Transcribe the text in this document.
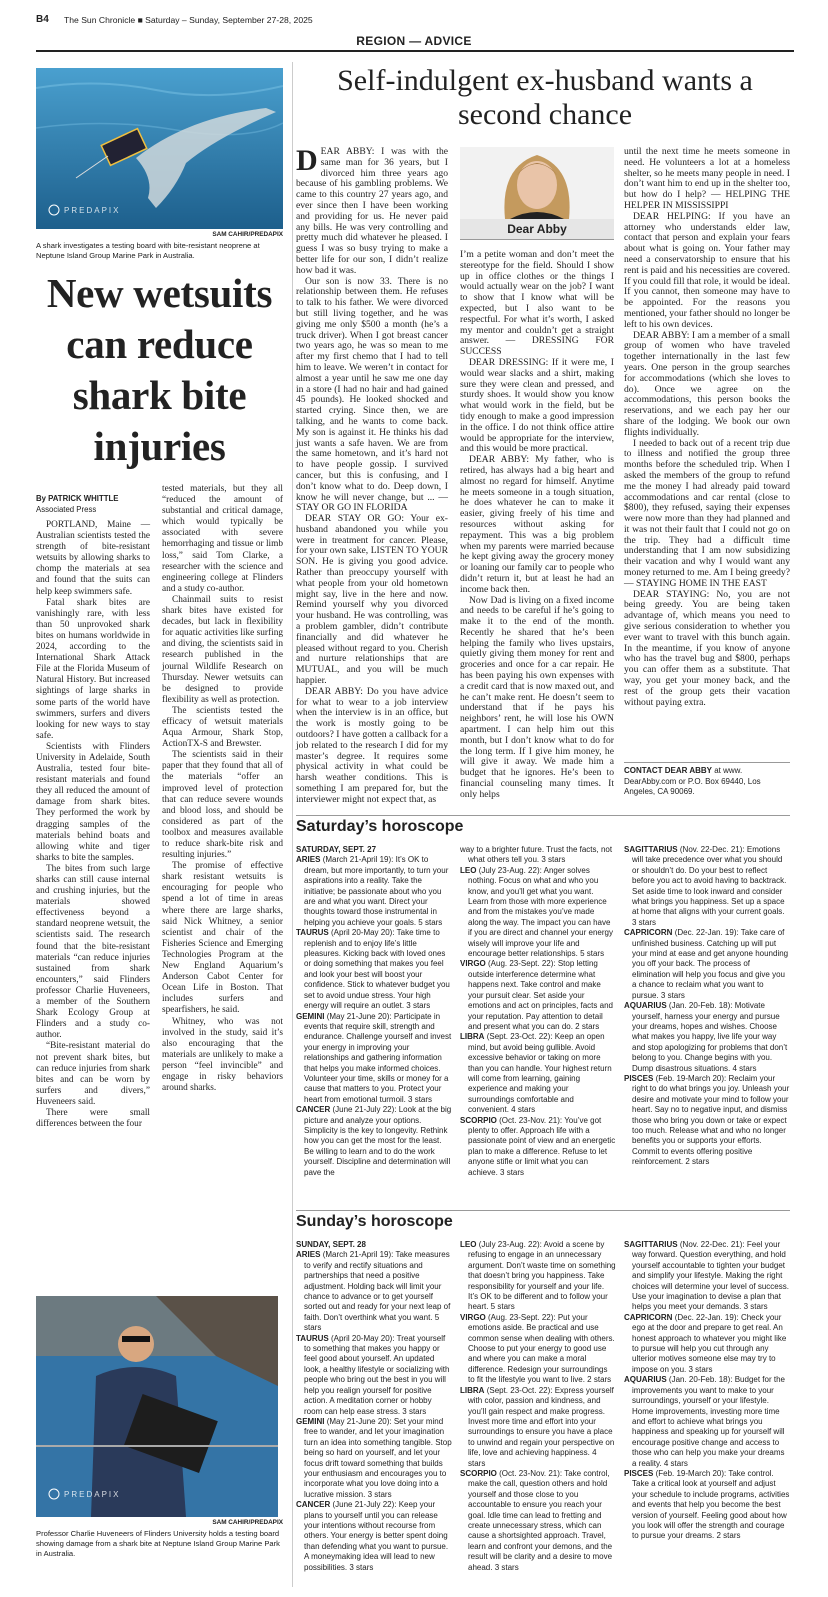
B4 The Sun Chronicle ■ Saturday – Sunday, September 27-28, 2025
REGION — ADVICE
PREDAPIX
SAM CAHIR/PREDAPIX
A shark investigates a testing board with bite-resistant neoprene at Neptune Island Group Marine Park in Australia.
New wetsuits can reduce shark bite injuries
By PATRICK WHITTLE
Associated Press

PORTLAND, Maine — Australian scientists tested the strength of bite-resistant wetsuits by allowing sharks to chomp the materials at sea and found that the suits can help keep swimmers safe.

Fatal shark bites are vanishingly rare, with less than 50 unprovoked shark bites on humans worldwide in 2024, according to the International Shark Attack File at the Florida Museum of Natural History. But increased sightings of large sharks in some parts of the world have swimmers, surfers and divers looking for new ways to stay safe.

Scientists with Flinders University in Adelaide, South Australia, tested four bite-resistant materials and found they all reduced the amount of damage from shark bites. They performed the work by dragging samples of the materials behind boats and allowing white and tiger sharks to bite the samples.

The bites from such large sharks can still cause internal and crushing injuries, but the materials showed effectiveness beyond a standard neoprene wetsuit, the scientists said. The research found that the bite-resistant materials “can reduce injuries sustained from shark encounters,” said Flinders professor Charlie Huveneers, a member of the Southern Shark Ecology Group at Flinders and a study co-author.

“Bite-resistant material do not prevent shark bites, but can reduce injuries from shark bites and can be worn by surfers and divers,” Huveneers said.

There were small differences between the four

tested materials, but they all “reduced the amount of substantial and critical damage, which would typically be associated with severe hemorrhaging and tissue or limb loss,” said Tom Clarke, a researcher with the science and engineering college at Flinders and a study co-author.

Chainmail suits to resist shark bites have existed for decades, but lack in flexibility for aquatic activities like surfing and diving, the scientists said in research published in the journal Wildlife Research on Thursday. Newer wetsuits can be designed to provide flexibility as well as protection.

The scientists tested the efficacy of wetsuit materials Aqua Armour, Shark Stop, ActionTX-S and Brewster.

The scientists said in their paper that they found that all of the materials “offer an improved level of protection that can reduce severe wounds and blood loss, and should be considered as part of the toolbox and measures available to reduce shark-bite risk and resulting injuries.”

The promise of effective shark resistant wetsuits is encouraging for people who spend a lot of time in areas where there are large sharks, said Nick Whitney, a senior scientist and chair of the Fisheries Science and Emerging Technologies Program at the New England Aquarium’s Anderson Cabot Center for Ocean Life in Boston. That includes surfers and spearfishers, he said.

Whitney, who was not involved in the study, said it’s also encouraging that the materials are unlikely to make a person “feel invincible” and engage in risky behaviors around sharks.

PREDAPIX
SAM CAHIR/PREDAPIX
Professor Charlie Huveneers of Flinders University holds a testing board showing damage from a shark bite at Neptune Island Group Marine Park in Australia.
Self-indulgent ex-husband wants a second chance

DEAR ABBY: I was with the same man for 36 years, but I divorced him three years ago because of his gambling problems. We came to this country 27 years ago, and ever since then I have been working and providing for us. He never paid any bills. He was very controlling and pretty much did whatever he pleased. I guess I was so busy trying to make a better life for our son, I didn’t realize how bad it was.

Our son is now 33. There is no relationship between them. He refuses to talk to his father. We were divorced but still living together, and he was giving me only $500 a month (he’s a truck driver). When I got breast cancer two years ago, he was so mean to me after my first chemo that I had to tell him to leave. We weren’t in contact for almost a year until he saw me one day in a store (I had no hair and had gained 45 pounds). He looked shocked and started crying. Since then, we are talking, and he wants to come back. My son is against it. He thinks his dad just wants a safe haven. We are from the same hometown, and it’s hard not to have people gossip. I survived cancer, but this is confusing, and I don’t know what to do. Deep down, I know he will never change, but ... — STAY OR GO IN FLORIDA

DEAR STAY OR GO: Your ex-husband abandoned you while you were in treatment for cancer. Please, for your own sake, LISTEN TO YOUR SON. He is giving you good advice. Rather than preoccupy yourself with what people from your old hometown might say, live in the here and now. Remind yourself why you divorced your husband. He was controlling, was a problem gambler, didn’t contribute financially and did whatever he pleased without regard to you. Cherish and nurture relationships that are MUTUAL, and you will be much happier.

DEAR ABBY: Do you have advice for what to wear to a job interview when the interview is in an office, but the work is mostly going to be outdoors? I have gotten a callback for a job related to the research I did for my master’s degree. It requires some physical activity in what could be harsh weather conditions. This is something I am prepared for, but the interviewer might not expect that, as

Dear Abby

I’m a petite woman and don’t meet the stereotype for the field. Should I show up in office clothes or the things I would actually wear on the job? I want to show that I know what will be expected, but I also want to be respectful. For what it’s worth, I asked my mentor and couldn’t get a straight answer. — DRESSING FOR SUCCESS

DEAR DRESSING: If it were me, I would wear slacks and a shirt, making sure they were clean and pressed, and sturdy shoes. It would show you know what would work in the field, but be tidy enough to make a good impression in the office. I do not think office attire would be appropriate for the interview, and this would be more practical.

DEAR ABBY: My father, who is retired, has always had a big heart and almost no regard for himself. Anytime he meets someone in a tough situation, he does whatever he can to make it easier, giving freely of his time and resources without asking for repayment. This was a big problem when my parents were married because he kept giving away the grocery money or loaning our family car to people who didn’t return it, but at least he had an income back then.

Now Dad is living on a fixed income and needs to be careful if he’s going to make it to the end of the month. Recently he shared that he’s been helping the family who lives upstairs, quietly giving them money for rent and groceries and once for a car repair. He has been paying his own expenses with a credit card that is now maxed out, and he can’t make rent. He doesn’t seem to understand that if he pays his neighbors’ rent, he will lose his OWN apartment. I can help him out this month, but I don’t know what to do for the long term. If I give him money, he will give it away. We made him a budget that he ignores. He’s been to financial counseling many times. It only helps

until the next time he meets someone in need. He volunteers a lot at a homeless shelter, so he meets many people in need. I don’t want him to end up in the shelter too, but how do I help? — HELPING THE HELPER IN MISSISSIPPI

DEAR HELPING: If you have an attorney who understands elder law, contact that person and explain your fears about what is going on. Your father may need a conservatorship to ensure that his rent is paid and his necessities are covered. If you could fill that role, it would be ideal. If you cannot, then someone may have to be appointed. For the reasons you mentioned, your father should no longer be left to his own devices.

DEAR ABBY: I am a member of a small group of women who have traveled together internationally in the last few years. One person in the group searches for accommodations (which she loves to do). Once we agree on the accommodations, this person books the reservations, and we each pay her our share of the lodging. We book our own flights individually.

I needed to back out of a recent trip due to illness and notified the group three months before the scheduled trip. When I asked the members of the group to refund me the money I had already paid toward accommodations and car rental (close to $800), they refused, saying their expenses were now more than they had planned and it was not their fault that I could not go on the trip. They had a difficult time understanding that I am now subsidizing their vacation and why I would want any money returned to me. Am I being greedy? — STAYING HOME IN THE EAST

DEAR STAYING: No, you are not being greedy. You are being taken advantage of, which means you need to give serious consideration to whether you ever want to travel with this bunch again. In the meantime, if you know of anyone who has the travel bug and $800, perhaps you can offer them as a substitute. That way, you get your money back, and the rest of the group gets their vacation without paying extra.

CONTACT DEAR ABBY at www. DearAbby.com or P.O. Box 69440, Los Angeles, CA 90069.
Saturday’s horoscope
SATURDAY, SEPT. 27

ARIES (March 21-April 19): It’s OK to dream, but more importantly, to turn your aspirations into a reality. Take the initiative; be passionate about who you are and what you want. Direct your thoughts toward those instrumental in helping you achieve your goals. 5 stars

TAURUS (April 20-May 20): Take time to replenish and to enjoy life’s little pleasures. Kicking back with loved ones or doing something that makes you feel and look your best will boost your confidence. Stick to whatever budget you set to avoid undue stress. Your high energy will require an outlet. 3 stars

GEMINI (May 21-June 20): Participate in events that require skill, strength and endurance. Challenge yourself and invest your energy in improving your relationships and gathering information that helps you make informed choices. Volunteer your time, skills or money for a cause that matters to you. Protect your heart from emotional turmoil. 3 stars

CANCER (June 21-July 22): Look at the big picture and analyze your options. Simplicity is the key to longevity. Rethink how you can get the most for the least. Be willing to learn and to do the work yourself. Discipline and determination will pave the

way to a brighter future. Trust the facts, not what others tell you. 3 stars

LEO (July 23-Aug. 22): Anger solves nothing. Focus on what and who you know, and you’ll get what you want. Learn from those with more experience and from the mistakes you’ve made along the way. The impact you can have if you are direct and channel your energy wisely will improve your life and encourage better relationships. 5 stars

VIRGO (Aug. 23-Sept. 22): Stop letting outside interference determine what happens next. Take control and make your pursuit clear. Set aside your emotions and act on principles, facts and your reputation. Pay attention to detail and present what you can do. 2 stars

LIBRA (Sept. 23-Oct. 22): Keep an open mind, but avoid being gullible. Avoid excessive behavior or taking on more than you can handle. Your highest return will come from learning, gaining experience and making your surroundings comfortable and convenient. 4 stars

SCORPIO (Oct. 23-Nov. 21): You’ve got plenty to offer. Approach life with a passionate point of view and an energetic plan to make a difference. Refuse to let anyone stifle or limit what you can achieve. 3 stars

SAGITTARIUS (Nov. 22-Dec. 21): Emotions will take precedence over what you should or shouldn’t do. Do your best to reflect before you act to avoid having to backtrack. Set aside time to look inward and consider what brings you happiness. Set up a space at home that aligns with your current goals. 3 stars

CAPRICORN (Dec. 22-Jan. 19): Take care of unfinished business. Catching up will put your mind at ease and get anyone hounding you off your back. The process of elimination will help you focus and give you a chance to reclaim what you want to pursue. 3 stars

AQUARIUS (Jan. 20-Feb. 18): Motivate yourself, harness your energy and pursue your dreams, hopes and wishes. Choose what makes you happy, live life your way and stop apologizing for problems that don’t belong to you. Change begins with you. Dump disastrous situations. 4 stars

PISCES (Feb. 19-March 20): Reclaim your right to do what brings you joy. Unleash your desire and motivate your mind to follow your heart. Say no to negative input, and dismiss those who bring you down or take or expect too much. Release what and who no longer benefits you or supports your efforts. Commit to events offering positive reinforcement. 2 stars

Sunday’s horoscope
SUNDAY, SEPT. 28

ARIES (March 21-April 19): Take measures to verify and rectify situations and partnerships that need a positive adjustment. Holding back will limit your chance to advance or to get yourself sorted out and ready for your next leap of faith. Don’t overthink what you want. 5 stars

TAURUS (April 20-May 20): Treat yourself to something that makes you happy or feel good about yourself. An updated look, a healthy lifestyle or socializing with people who bring out the best in you will help you realign yourself for positive action. A meditation corner or hobby room can help ease stress. 3 stars

GEMINI (May 21-June 20): Set your mind free to wander, and let your imagination turn an idea into something tangible. Stop being so hard on yourself, and let your focus drift toward something that builds your enthusiasm and encourages you to incorporate what you love doing into a lucrative mission. 3 stars

CANCER (June 21-July 22): Keep your plans to yourself until you can release your intentions without recourse from others. Your energy is better spent doing than defending what you want to pursue. A moneymaking idea will lead to new possibilities. 3 stars

LEO (July 23-Aug. 22): Avoid a scene by refusing to engage in an unnecessary argument. Don’t waste time on something that doesn’t bring you happiness. Take responsibility for yourself and your life. It’s OK to be different and to follow your heart. 5 stars

VIRGO (Aug. 23-Sept. 22): Put your emotions aside. Be practical and use common sense when dealing with others. Choose to put your energy to good use and where you can make a moral difference. Redesign your surroundings to fit the lifestyle you want to live. 2 stars

LIBRA (Sept. 23-Oct. 22): Express yourself with color, passion and kindness, and you’ll gain respect and make progress. Invest more time and effort into your surroundings to ensure you have a place to unwind and regain your perspective on life, love and achieving happiness. 4 stars

SCORPIO (Oct. 23-Nov. 21): Take control, make the call, question others and hold yourself and those close to you accountable to ensure you reach your goal. Idle time can lead to fretting and create unnecessary stress, which can cause a shortsighted approach. Travel, learn and confront your demons, and the result will be clarity and a desire to move ahead. 3 stars

SAGITTARIUS (Nov. 22-Dec. 21): Feel your way forward. Question everything, and hold yourself accountable to tighten your budget and simplify your lifestyle. Making the right choices will determine your level of success. Use your imagination to devise a plan that helps you meet your demands. 3 stars

CAPRICORN (Dec. 22-Jan. 19): Check your ego at the door and prepare to get real. An honest approach to whatever you might like to pursue will help you cut through any ulterior motives someone else may try to impose on you. 3 stars

AQUARIUS (Jan. 20-Feb. 18): Budget for the improvements you want to make to your surroundings, yourself or your lifestyle. Home improvements, investing more time and effort to achieve what brings you happiness and speaking up for yourself will encourage positive change and access to those who can help you make your dreams a reality. 4 stars

PISCES (Feb. 19-March 20): Take control. Take a critical look at yourself and adjust your schedule to include programs, activities and events that help you become the best version of yourself. Feeling good about how you look will offer the strength and courage to pursue your dreams. 2 stars
